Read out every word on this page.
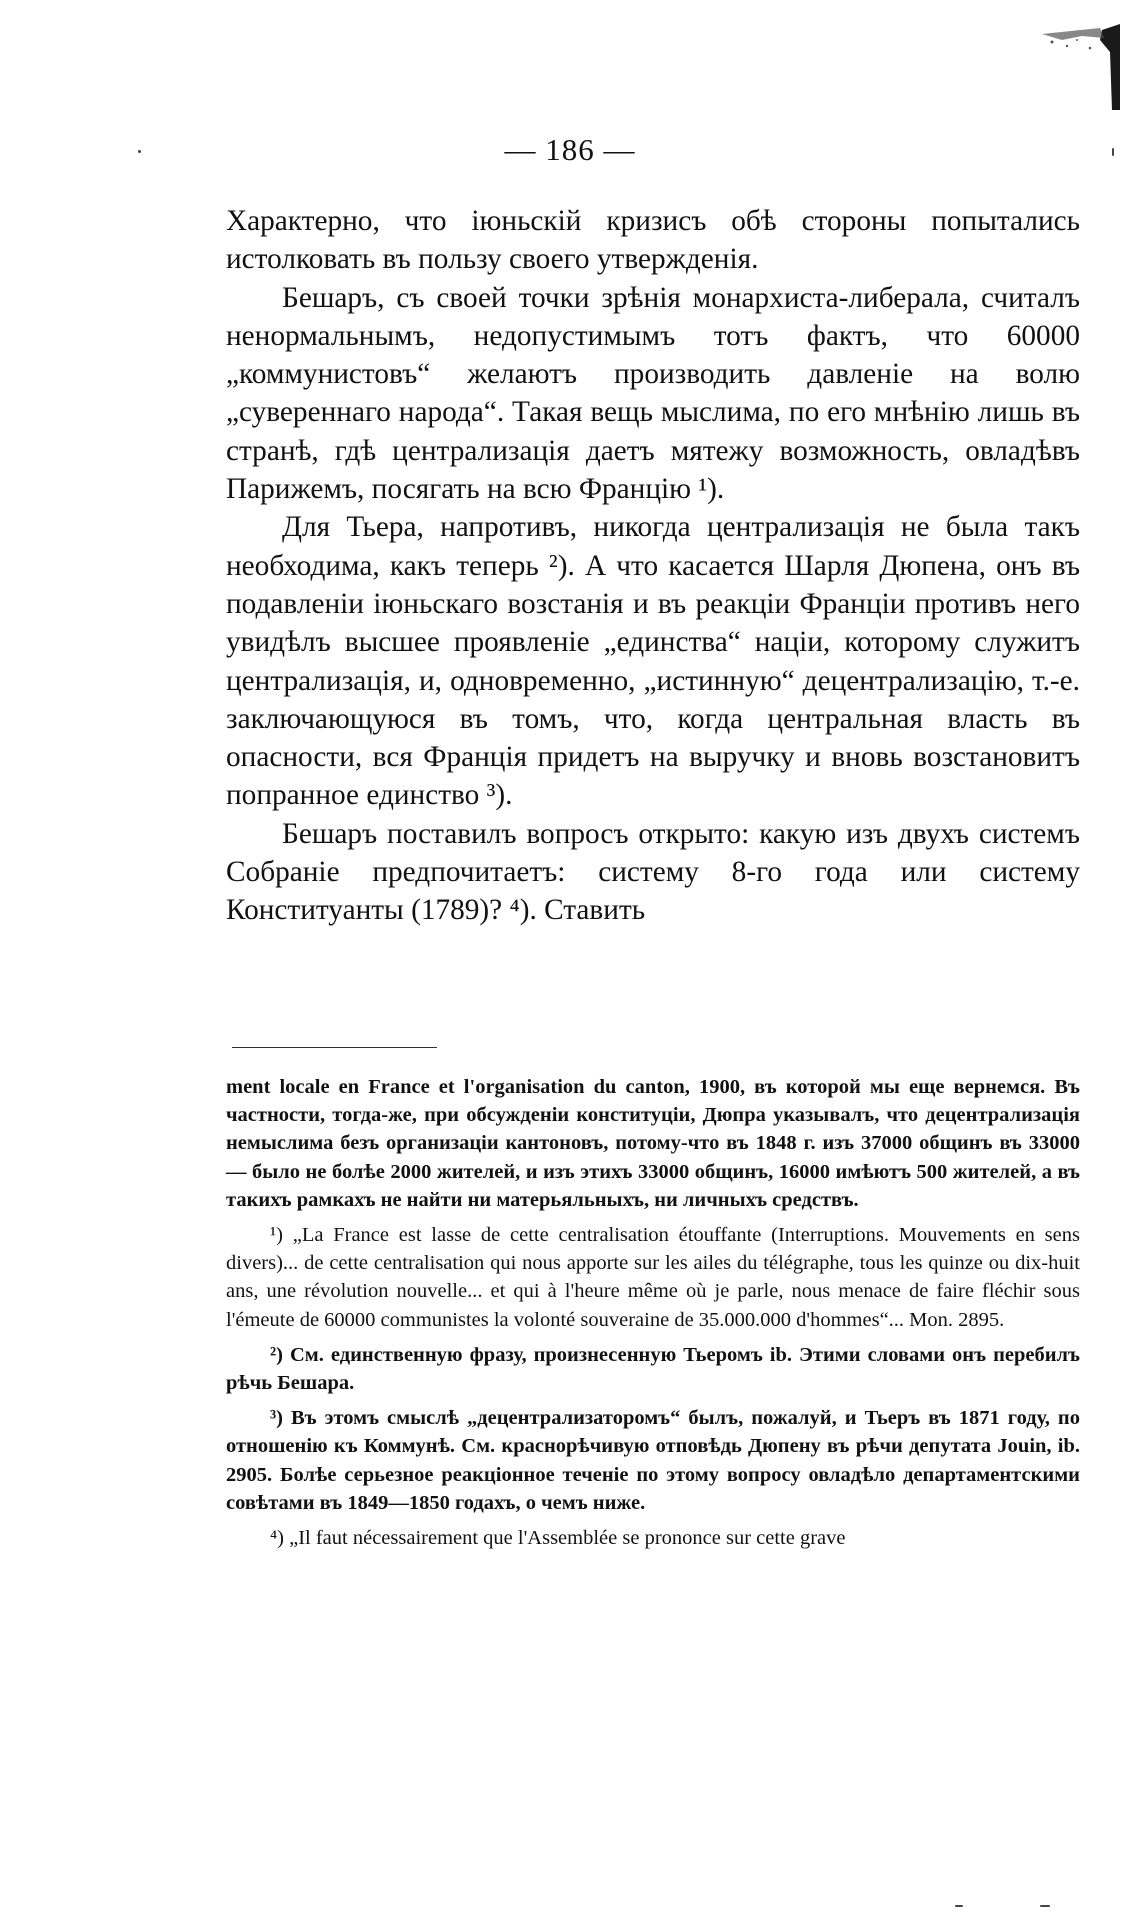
— 186 —

Характерно, что іюньскій кризисъ обѣ стороны попытались истолковать въ пользу своего утвержденія.

Бешаръ, съ своей точки зрѣнія монархиста-либерала, считалъ ненормальнымъ, недопустимымъ тотъ фактъ, что 60000 „коммунистовъ“ желаютъ производить давленіе на волю „сувереннаго народа“. Такая вещь мыслима, по его мнѣнію лишь въ странѣ, гдѣ централизація даетъ мятежу возможность, овладѣвъ Парижемъ, посягать на всю Францію ¹).

Для Тьера, напротивъ, никогда централизація не была такъ необходима, какъ теперь ²). А что касается Шарля Дюпена, онъ въ подавленіи іюньскаго возстанія и въ реакціи Франціи противъ него увидѣлъ высшее проявленіе „единства“ націи, которому служитъ централизація, и, одновременно, „истинную“ децентрализацію, т.-е. заключающуюся въ томъ, что, когда центральная власть въ опасности, вся Франція придетъ на выручку и вновь возстановитъ попранное единство ³).

Бешаръ поставилъ вопросъ открыто: какую изъ двухъ системъ Собраніе предпочитаетъ: систему 8-го года или систему Конституанты (1789)? ⁴). Ставить

ment locale en France et l'organisation du canton, 1900, въ которой мы еще вернемся. Въ частности, тогда-же, при обсужденіи конституціи, Дюпра указывалъ, что децентрализація немыслима безъ организаціи кантоновъ, потому-что въ 1848 г. изъ 37000 общинъ въ 33000 — было не болѣе 2000 жителей, и изъ этихъ 33000 общинъ, 16000 имѣютъ 500 жителей, а въ такихъ рамкахъ не найти ни матерьяльныхъ, ни личныхъ средствъ.

¹) „La France est lasse de cette centralisation étouffante (Interruptions. Mouvements en sens divers)... de cette centralisation qui nous apporte sur les ailes du télégraphe, tous les quinze ou dix-huit ans, une révolution nouvelle... et qui à l'heure même où je parle, nous menace de faire fléchir sous l'émeute de 60000 communistes la volonté souveraine de 35.000.000 d'hommes“... Mon. 2895.

²) См. единственную фразу, произнесенную Тьеромъ ib. Этими словами онъ перебилъ рѣчь Бешара.

³) Въ этомъ смыслѣ „децентрализаторомъ“ былъ, пожалуй, и Тьеръ въ 1871 году, по отношенію къ Коммунѣ. См. краснорѣчивую отповѣдь Дюпену въ рѣчи депутата Jouin, ib. 2905. Болѣе серьезное реакціонное теченіе по этому вопросу овладѣло департаментскими совѣтами въ 1849—1850 годахъ, о чемъ ниже.

⁴) „Il faut nécessairement que l'Assemblée se prononce sur cette grave
